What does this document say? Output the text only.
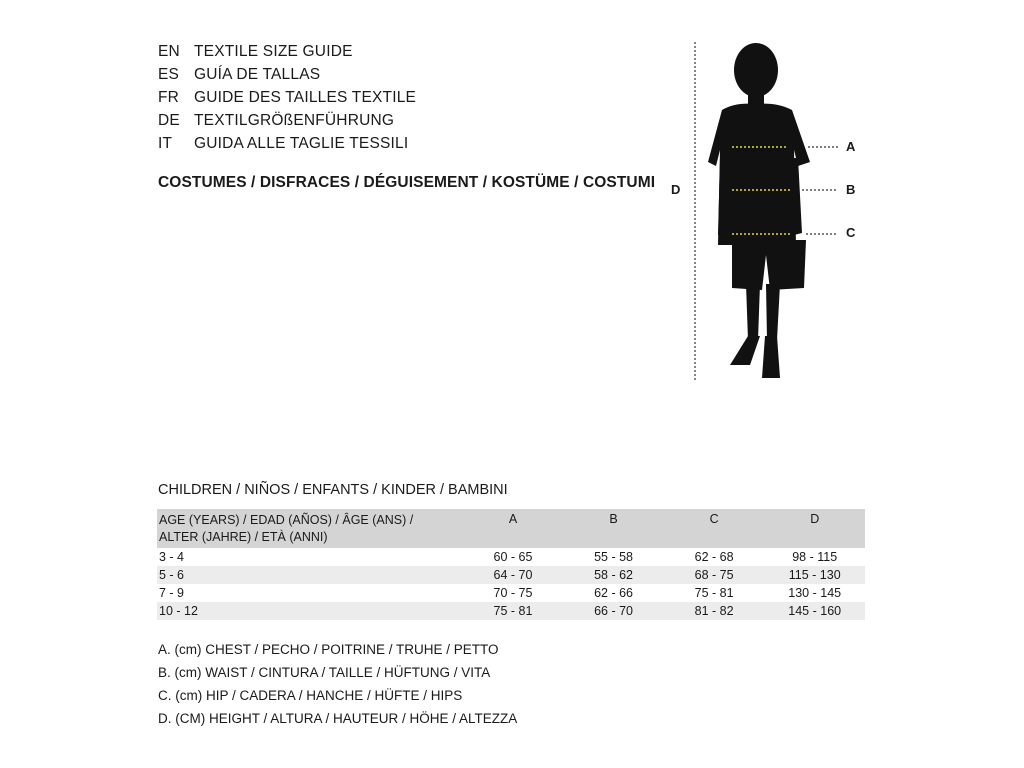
EN TEXTILE SIZE GUIDE
ES GUÍA DE TALLAS
FR GUIDE DES TAILLES TEXTILE
DE TEXTILGRÖßENFÜHRUNG
IT	GUIDA ALLE TAGLIE TESSILI
COSTUMES / DISFRACES / DÉGUISEMENT / KOSTÜME / COSTUMI
A
B
C
D
CHILDREN / NIÑOS / ENFANTS / KINDER / BAMBINI
AGE (YEARS) / EDAD (AÑOS) / ÂGE (ANS) /
ALTER (JAHRE) / ETÀ (ANNI)	A	B	C	D
3 - 4	60 - 65	55 - 58	62 - 68	98 - 115
5 - 6	64 - 70	58 - 62	68 - 75	115 - 130
7 - 9	70 - 75	62 - 66	75 - 81	130 - 145
10 - 12	75 - 81	66 - 70	81 - 82	145 - 160
A. (cm) CHEST / PECHO / POITRINE / TRUHE / PETTO
B. (cm) WAIST / CINTURA / TAILLE / HÜFTUNG / VITA
C. (cm) HIP / CADERA / HANCHE / HÜFTE / HIPS
D. (CM) HEIGHT / ALTURA / HAUTEUR / HÖHE / ALTEZZA
